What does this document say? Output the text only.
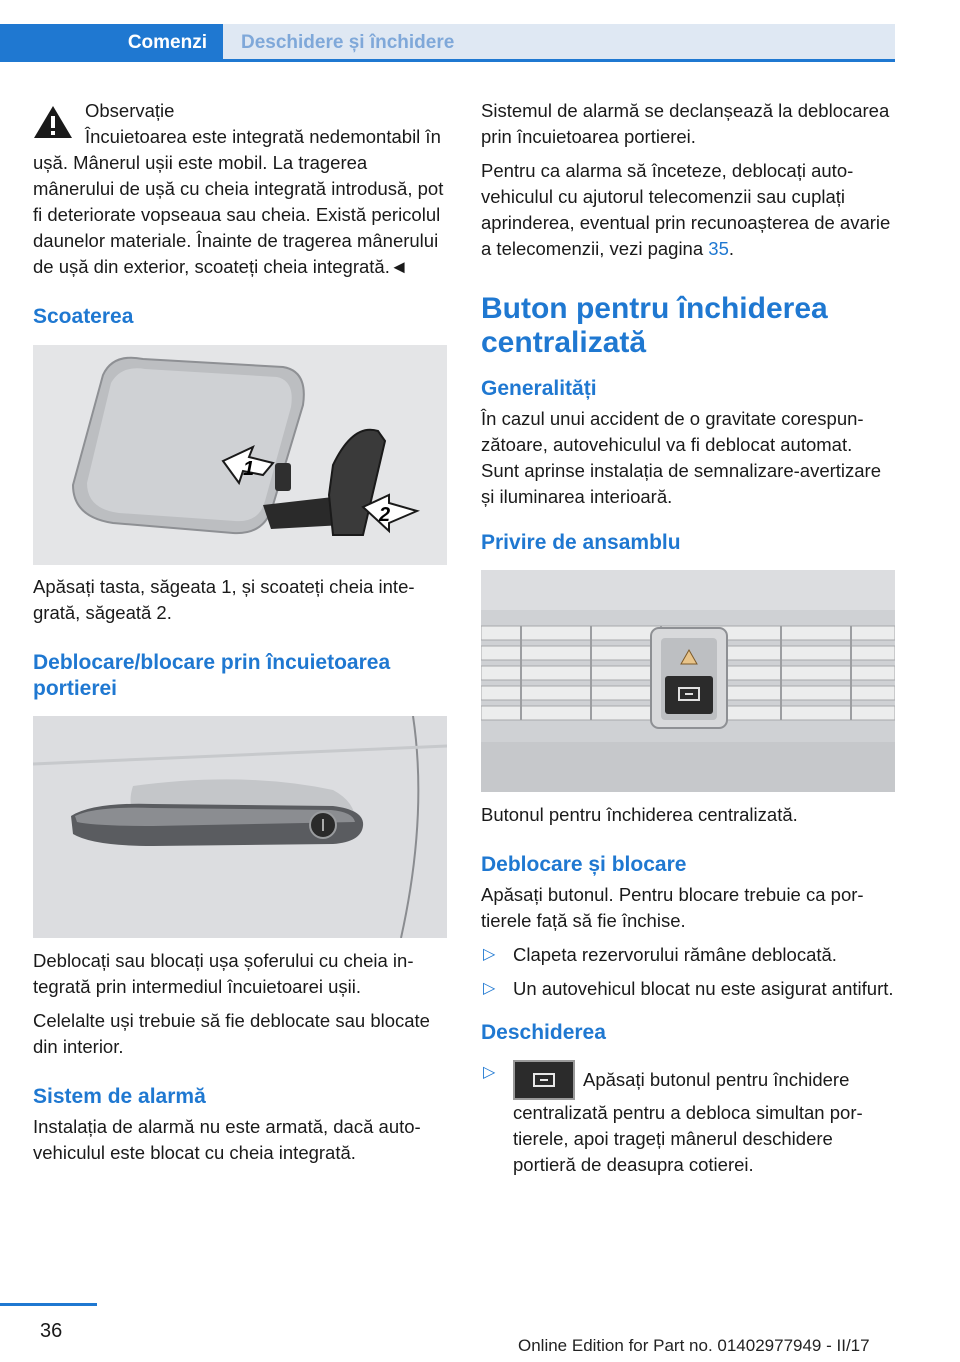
Comenzi	Deschidere și închidere
Observație

Încuietoarea este integrată nedemontabil în ușă. Mânerul ușii este mobil. La tragerea mânerului de ușă cu cheia integrată introdusă, pot fi deteriorate vopseaua sau cheia. Există pericolul daunelor materiale. Înainte de tragerea mânerului de ușă din exterior, scoateți cheia integrată.◄

Scoaterea
1
2

Apăsați tasta, săgeata 1, și scoateți cheia integrată, săgeată 2.

Deblocare/blocare prin încuietoarea portierei

Deblocați sau blocați ușa șoferului cu cheia integrată prin intermediul încuietoarei ușii.

Celelalte uși trebuie să fie deblocate sau blocate din interior.

Sistem de alarmă

Instalația de alarmă nu este armată, dacă autovehiculul este blocat cu cheia integrată.

Sistemul de alarmă se declanșează la deblocarea prin încuietoarea portierei.

Pentru ca alarma să înceteze, deblocați autovehiculul cu ajutorul telecomenzii sau cuplați aprinderea, eventual prin recunoașterea de avarie a telecomenzii, vezi pagina 35.

Buton pentru închiderea centralizată
Generalități

În cazul unui accident de o gravitate corespunzătoare, autovehiculul va fi deblocat automat. Sunt aprinse instalația de semnalizare-avertizare și iluminarea interioară.

Privire de ansamblu

Butonul pentru închiderea centralizată.

Deblocare și blocare

Apăsați butonul. Pentru blocare trebuie ca portierele față să fie închise.

▷ Clapeta rezervorului rămâne deblocată.
▷ Un autovehicul blocat nu este asigurat antifurt.
Deschiderea
▷	Apăsați butonul pentru închidere centralizată pentru a debloca simultan portierele, apoi trageți mânerul deschidere portieră de deasupra cotierei.
36
Online Edition for Part no. 01402977949 - II/17
